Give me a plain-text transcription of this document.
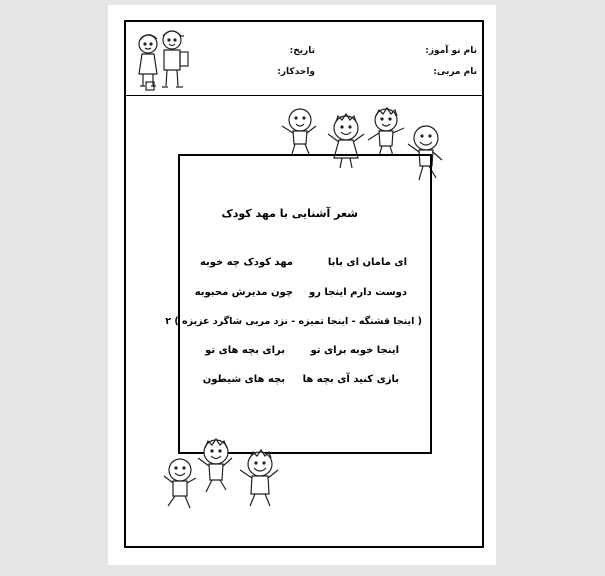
نام نو آموز:
نام مربی:
تاریخ:
واحدکار:
شعر آشنایی با مهد کودک
ای مامان ای بابا
مهد کودک چه خوبه
دوست دارم اینجا رو
چون مدیرش محبوبه
( اینجا قشنگه - اینجا تمیزه - نزد مربی شاگرد عزیزه ) ۲
اینجا خوبه برای تو
برای بچه های تو
بازی کنید آی بچه ها
بچه های شیطون
